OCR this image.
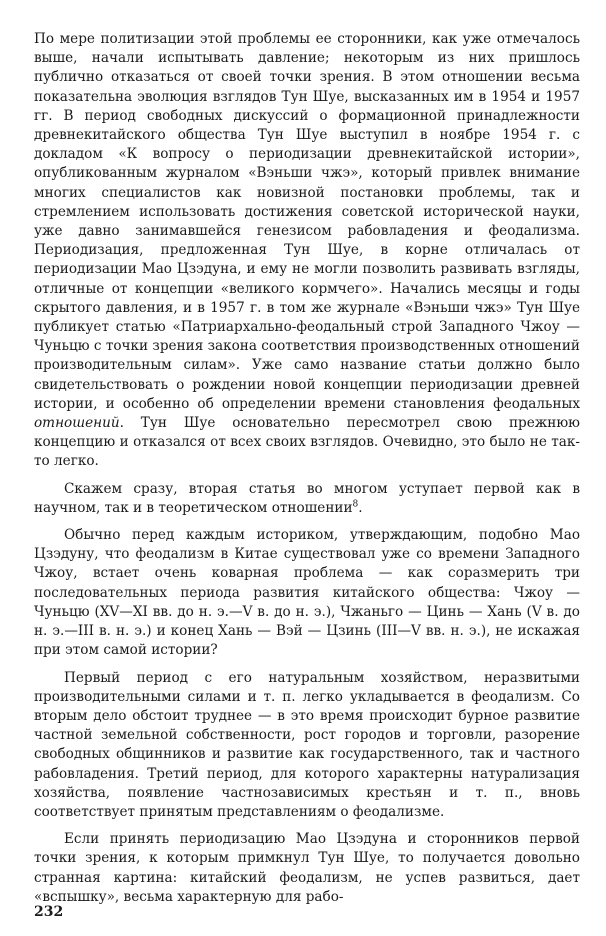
По мере политизации этой проблемы ее сторонники, как уже отмечалось выше, начали испытывать давление; некоторым из них пришлось публично отказаться от своей точки зрения. В этом отношении весьма показательна эволюция взглядов Тун Шуе, высказанных им в 1954 и 1957 гг. В период свободных дискуссий о формационной принадлежности древнекитайского общества Тун Шуе выступил в ноябре 1954 г. с докладом «К вопросу о периодизации древнекитайской истории», опубликованным журналом «Вэньши чжэ», который привлек внимание многих специалистов как новизной постановки проблемы, так и стремлением использовать достижения советской исторической науки, уже давно занимавшейся генезисом рабовладения и феодализма. Периодизация, предложенная Тун Шуе, в корне отличалась от периодизации Мао Цзэдуна, и ему не могли позволить развивать взгляды, отличные от концепции «великого кормчего». Начались месяцы и годы скрытого давления, и в 1957 г. в том же журнале «Вэньши чжэ» Тун Шуе публикует статью «Патриархально-феодальный строй Западного Чжоу — Чуньцю с точки зрения закона соответствия производственных отношений производительным силам». Уже само название статьи должно было свидетельствовать о рождении новой концепции периодизации древней истории, и особенно об определении времени становления феодальных отношений. Тун Шуе основательно пересмотрел свою прежнюю концепцию и отказался от всех своих взглядов. Очевидно, это было не так-то легко.

Скажем сразу, вторая статья во многом уступает первой как в научном, так и в теоретическом отношении$^8$.

Обычно перед каждым историком, утверждающим, подобно Мао Цзэдуну, что феодализм в Китае существовал уже со времени Западного Чжоу, встает очень коварная проблема — как соразмерить три последовательных периода развития китайского общества: Чжоу — Чуньцю (XV—XI вв. до н. э.—V в. до н. э.), Чжаньго — Цинь — Хань (V в. до н. э.—III в. н. э.) и конец Хань — Вэй — Цзинь (III—V вв. н. э.), не искажая при этом самой истории?

Первый период с его натуральным хозяйством, неразвитыми производительными силами и т. п. легко укладывается в феодализм. Со вторым дело обстоит труднее — в это время происходит бурное развитие частной земельной собственности, рост городов и торговли, разорение свободных общинников и развитие как государственного, так и частного рабовладения. Третий период, для которого характерны натурализация хозяйства, появление частнозависимых крестьян и т. п., вновь соответствует принятым представлениям о феодализме.

Если принять периодизацию Мао Цзэдуна и сторонников первой точки зрения, к которым примкнул Тун Шуе, то получается довольно странная картина: китайский феодализм, не успев развиться, дает «вспышку», весьма характерную для рабо-

232
